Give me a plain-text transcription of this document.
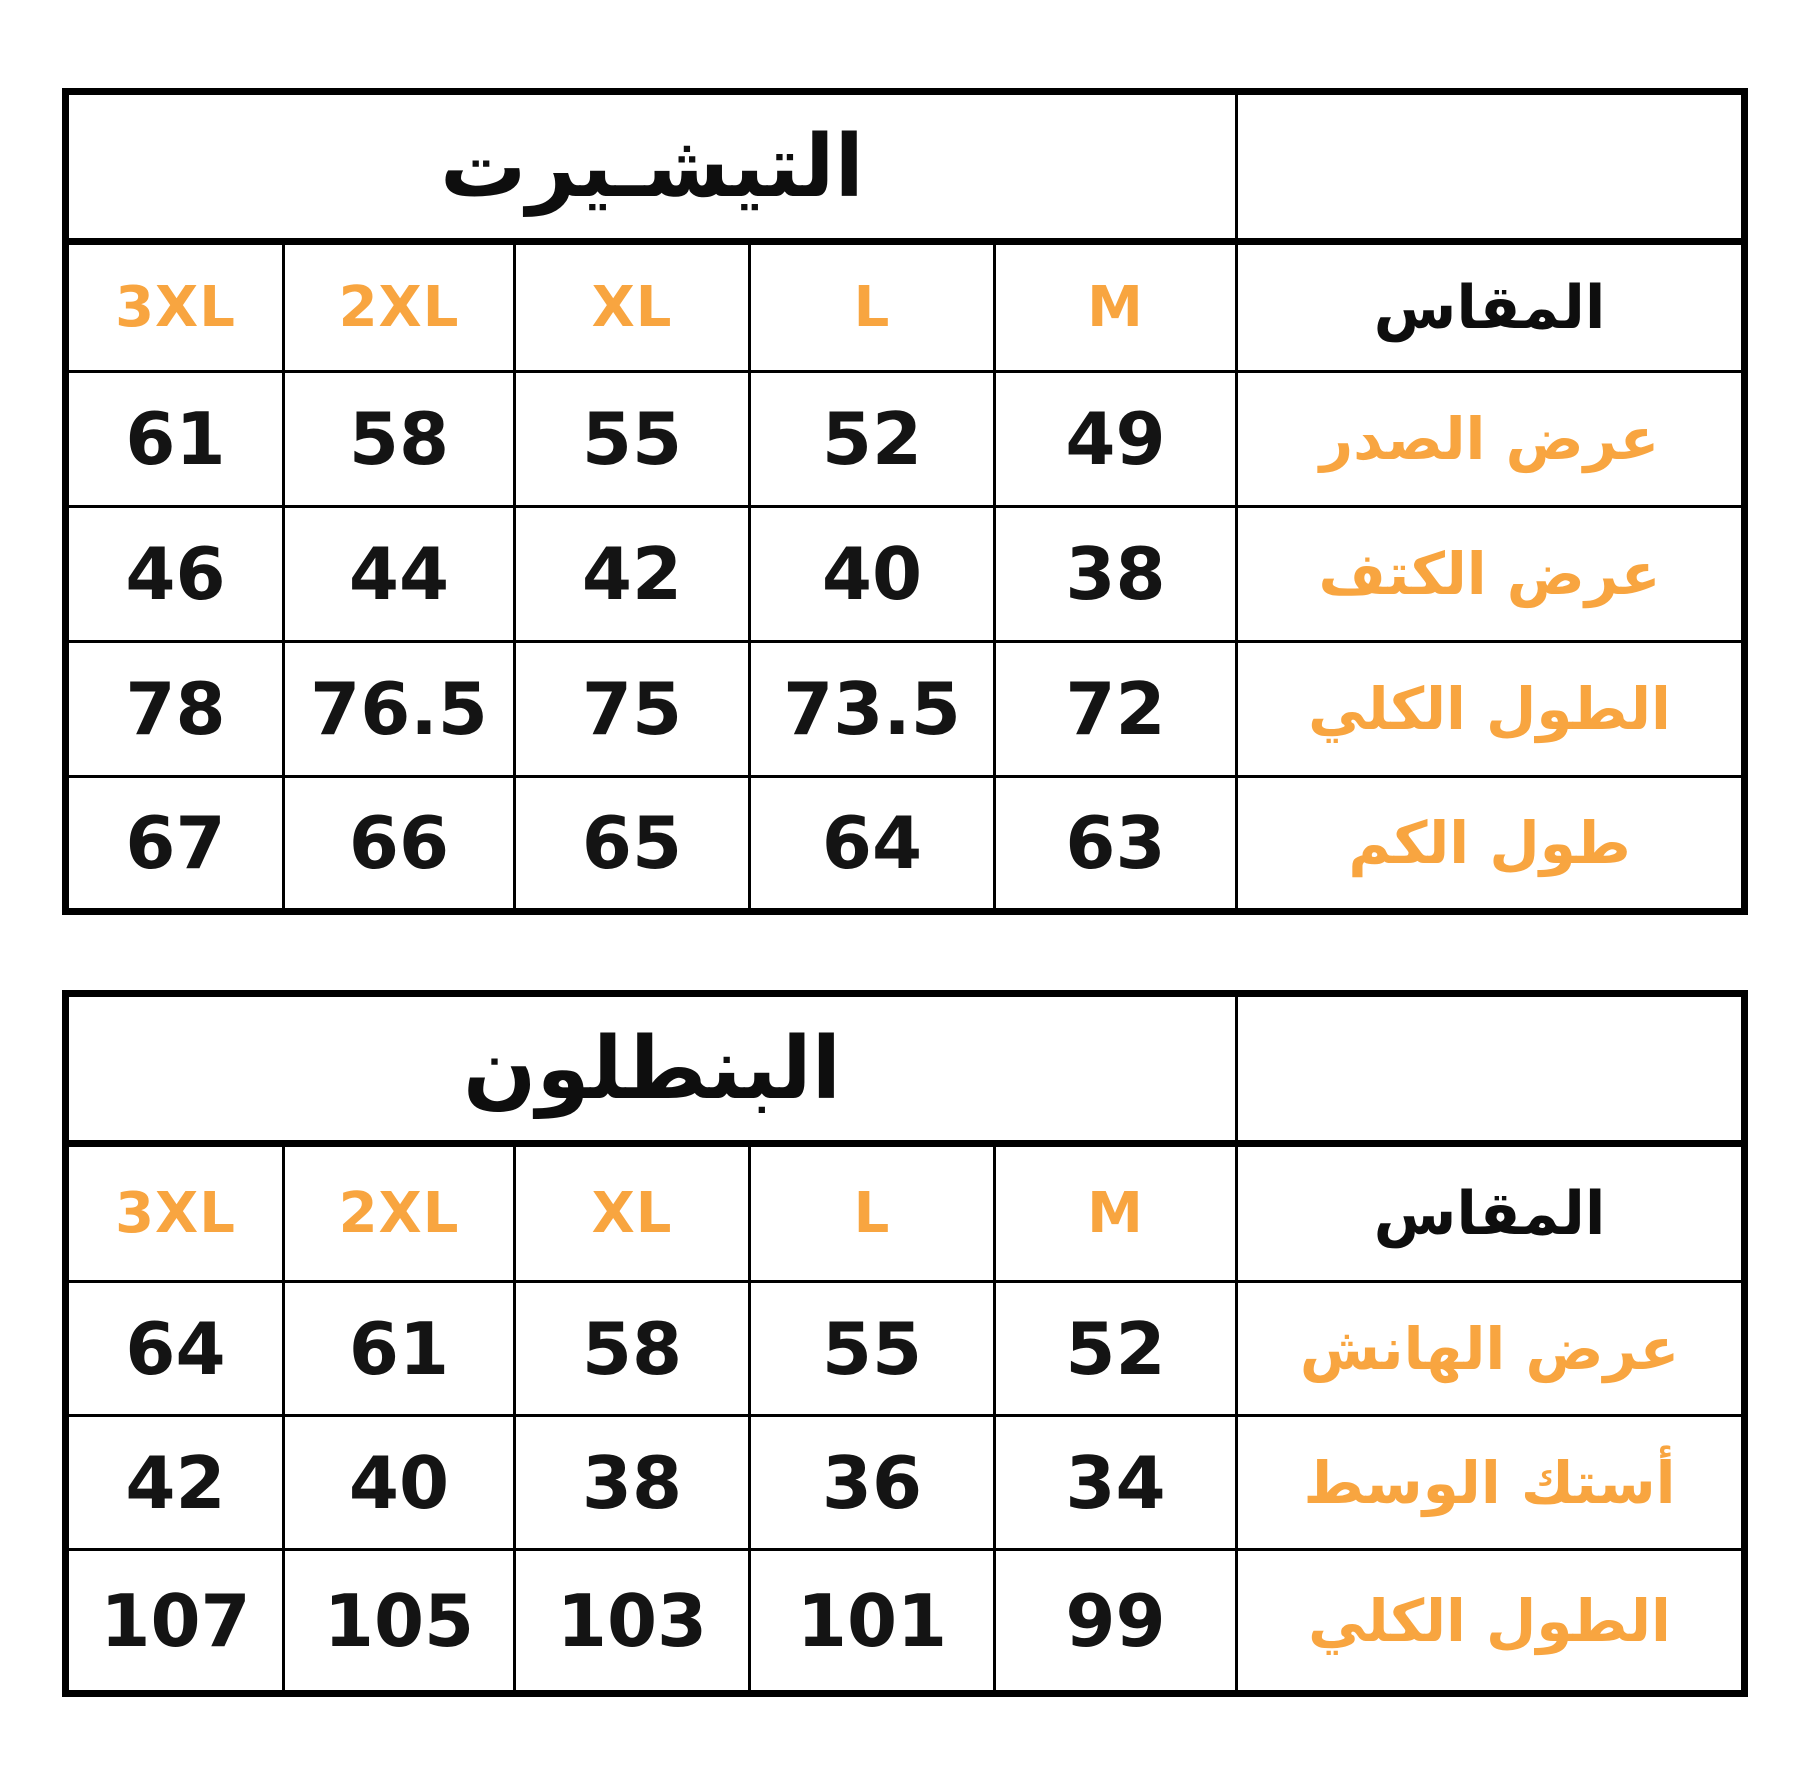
التيشـيرت					
3XL	2XL	XL	L	M	المقاس
61	58	55	52	49	عرض الصدر
46	44	42	40	38	عرض الكتف
78	76.5	75	73.5	72	الطول الكلي
67	66	65	64	63	طول الكم
البنطلون					
3XL	2XL	XL	L	M	المقاس
64	61	58	55	52	عرض الهانش
42	40	38	36	34	أستك الوسط
107	105	103	101	99	الطول الكلي
